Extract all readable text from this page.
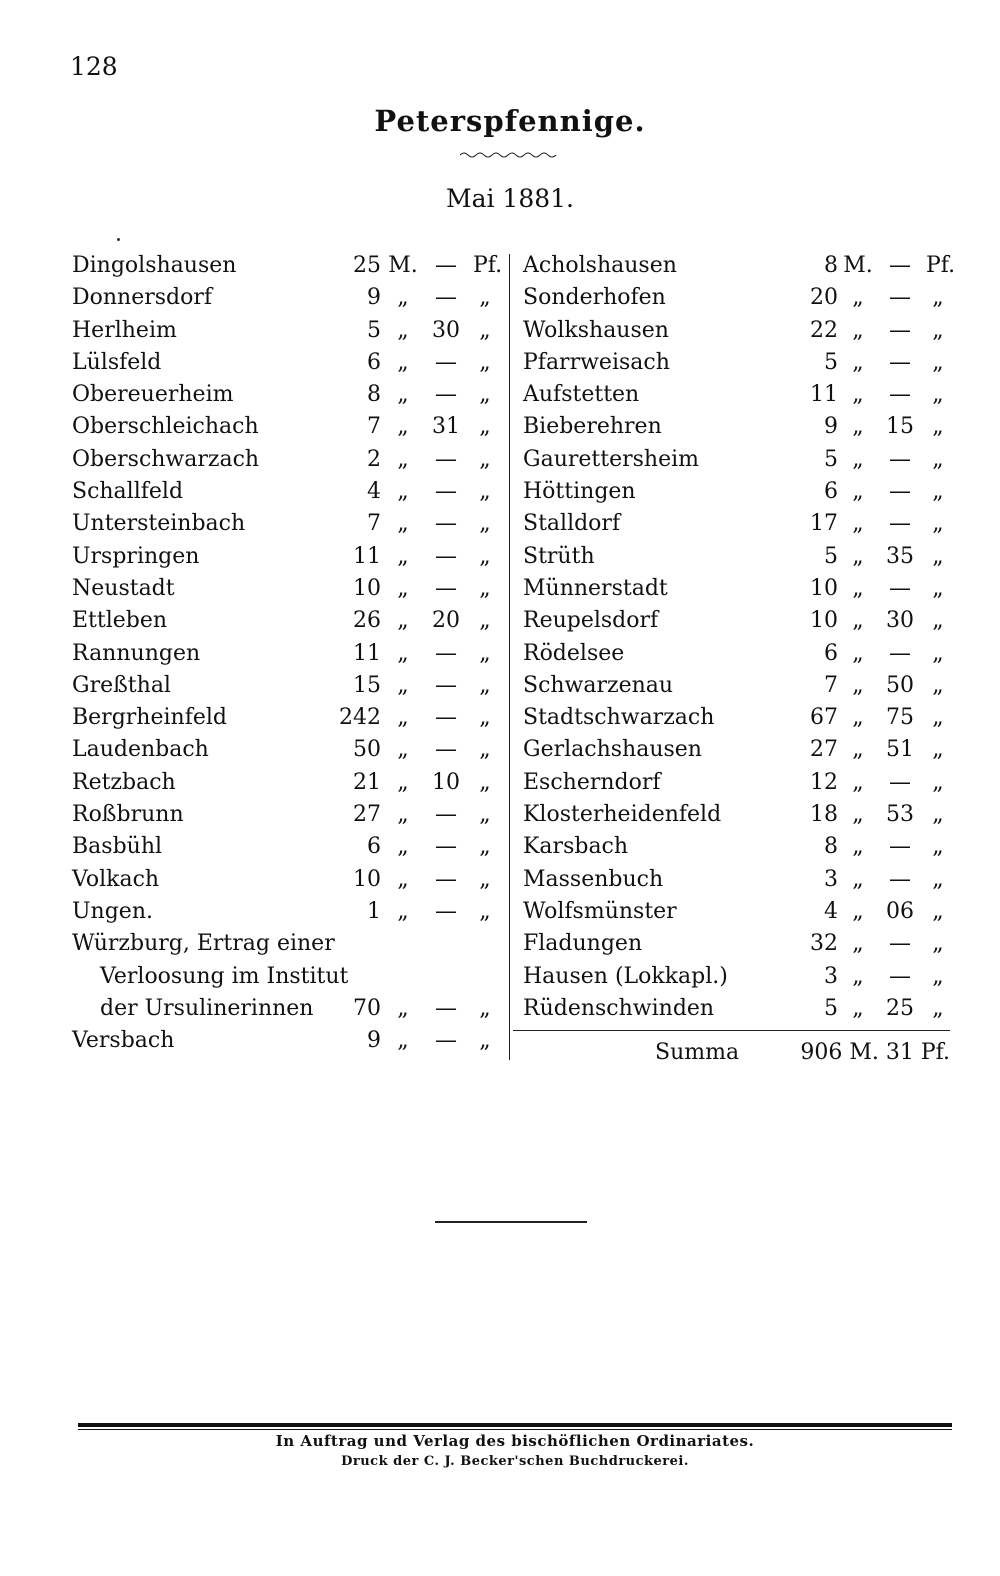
128
Peterspfennige.
Mai 1881.
Dingolshausen	25 M. — Pf.
Donnersdorf	9 „	—	„
Herlheim	5 „	30 „
Lülsfeld	6 „	—	„
Obereuerheim	8 „	—	„
Oberschleichach	7 „	31 „
Oberschwarzach	2 „	—	„
Schallfeld	4 „	—	„
Untersteinbach	7 „	—	„
Urspringen	11 „	—	„
Neustadt	10 „	—	„
Ettleben	26 „	20 „
Rannungen	11 „	—	„
Greßthal	15 „	—	„
Bergrheinfeld	242 „	—	„
Laudenbach	50 „	—	„
Retzbach	21 „	10 „
Roßbrunn	27 „	—	„
Basbühl	6 „	—	„
Volkach	10 „	—	„
Ungen.	1 „	—	„
Würzburg, Ertrag einer
Verloosung im Institut
der Ursulinerinnen 70 „	—	„
Versbach	9 „	—	„
Acholshausen	8 M. — Pf.
Sonderhofen	20 „	— „
Wolkshausen	22 „	— „
Pfarrweisach	5 „	— „
Aufstetten	11 „	— „
Bieberehren	9 „	15 „
Gaurettersheim	5 „	— „
Höttingen	6 „	— „
Stalldorf	17 „	— „
Strüth	5 „	35 „
Münnerstadt	10 „	— „
Reupelsdorf	10 „	30 „
Rödelsee	6 „	— „
Schwarzenau	7 „	50 „
Stadtschwarzach	67 „	75 „
Gerlachshausen	27 „	51 „
Escherndorf	12 „	— „
Klosterheidenfeld	18 „	53 „
Karsbach	8 „	— „
Massenbuch	3 „	— „
Wolfsmünster	4 „	06 „
Fladungen	32 „	— „
Hausen (Lokkapl.)	3 „	— „
Rüdenschwinden	5 „	25 „
Summa	906 M. 31 Pf.
In Auftrag und Verlag des bischöflichen Ordinariates.
Druck der C. J. Becker'schen Buchdruckerei.
